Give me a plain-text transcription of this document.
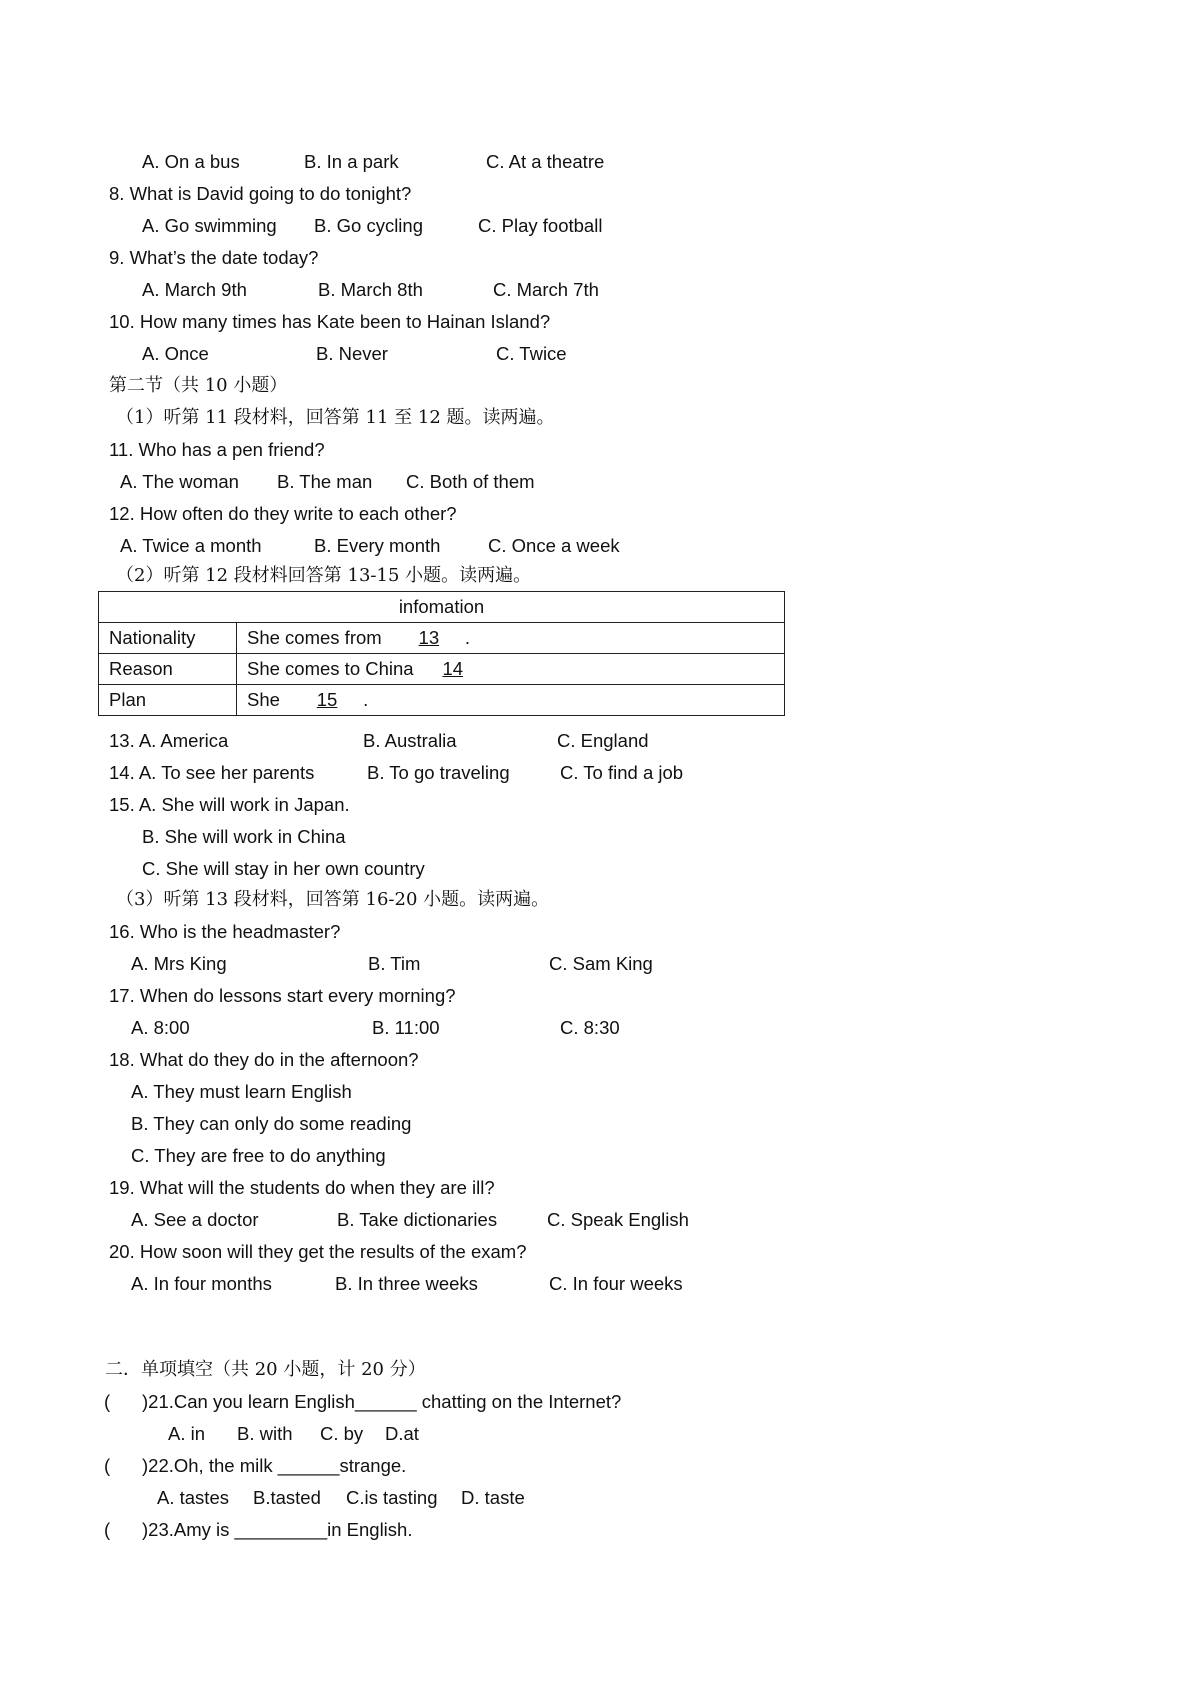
A. On a bus	B. In a park	C. At a theatre
8. What is David going to do tonight?
A. Go swimming B. Go cycling	C. Play football
9. What’s the date today?
A. March 9th	B. March 8th	C. March 7th
10. How many times has Kate been to Hainan Island?
A. Once	B. Never	C. Twice
第二节（共 10 小题）
（1）听第 11 段材料，回答第 11 至 12 题。读两遍。
11. Who has a pen friend?
A. The woman B. The man C. Both of them
12. How often do they write to each other?
A. Twice a month	B. Every month	C. Once a week
（2）听第 12 段材料回答第 13-15 小题。读两遍。
infomation	
Nationality	She comes from 13 .
Reason	She comes to China 14
Plan	She 15 .
13. A. America	B. Australia	C. England
14. A. To see her parents	B. To go traveling	C. To find a job
15. A. She will work in Japan.
B. She will work in China
C. She will stay in her own country
（3）听第 13 段材料，回答第 16-20 小题。读两遍。
16. Who is the headmaster?
A. Mrs King	B. Tim	C. Sam King
17. When do lessons start every morning?
A. 8:00	B. 11:00	C. 8:30
18. What do they do in the afternoon?
A. They must learn English
B. They can only do some reading
C. They are free to do anything
19. What will the students do when they are ill?
A. See a doctor	B. Take dictionaries	C. Speak English
20. How soon will they get the results of the exam?
A. In four months	B. In three weeks	C. In four weeks
二．单项填空（共 20 小题，计 20 分）
( )21.Can you learn English______ chatting on the Internet?
A. in B. with C. by D.at
( )22.Oh, the milk ______strange.
A. tastes B.tasted C.is tasting D. taste
( )23.Amy is _________in English.
